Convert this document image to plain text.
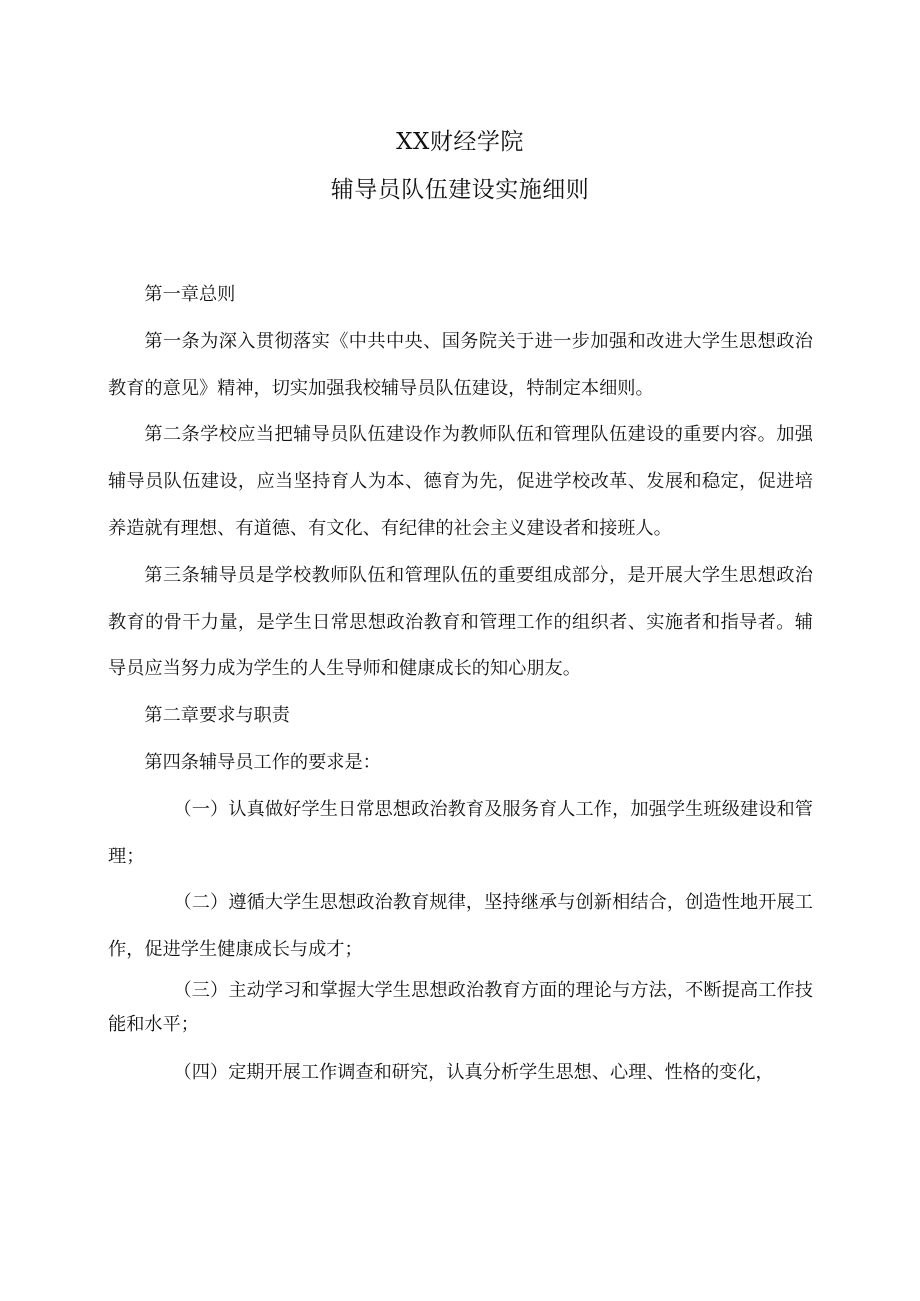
XX财经学院
辅导员队伍建设实施细则

第一章总则

第一条为深入贯彻落实《中共中央、国务院关于进一步加强和改进大学生思想政治教育的意见》精神，切实加强我校辅导员队伍建设，特制定本细则。

第二条学校应当把辅导员队伍建设作为教师队伍和管理队伍建设的重要内容。加强辅导员队伍建设，应当坚持育人为本、德育为先，促进学校改革、发展和稳定，促进培养造就有理想、有道德、有文化、有纪律的社会主义建设者和接班人。

第三条辅导员是学校教师队伍和管理队伍的重要组成部分，是开展大学生思想政治教育的骨干力量，是学生日常思想政治教育和管理工作的组织者、实施者和指导者。辅导员应当努力成为学生的人生导师和健康成长的知心朋友。

第二章要求与职责

第四条辅导员工作的要求是：

（一）认真做好学生日常思想政治教育及服务育人工作，加强学生班级建设和管理；

（二）遵循大学生思想政治教育规律，坚持继承与创新相结合，创造性地开展工作，促进学生健康成长与成才；

（三）主动学习和掌握大学生思想政治教育方面的理论与方法，不断提高工作技能和水平；

（四）定期开展工作调查和研究，认真分析学生思想、心理、性格的变化，
